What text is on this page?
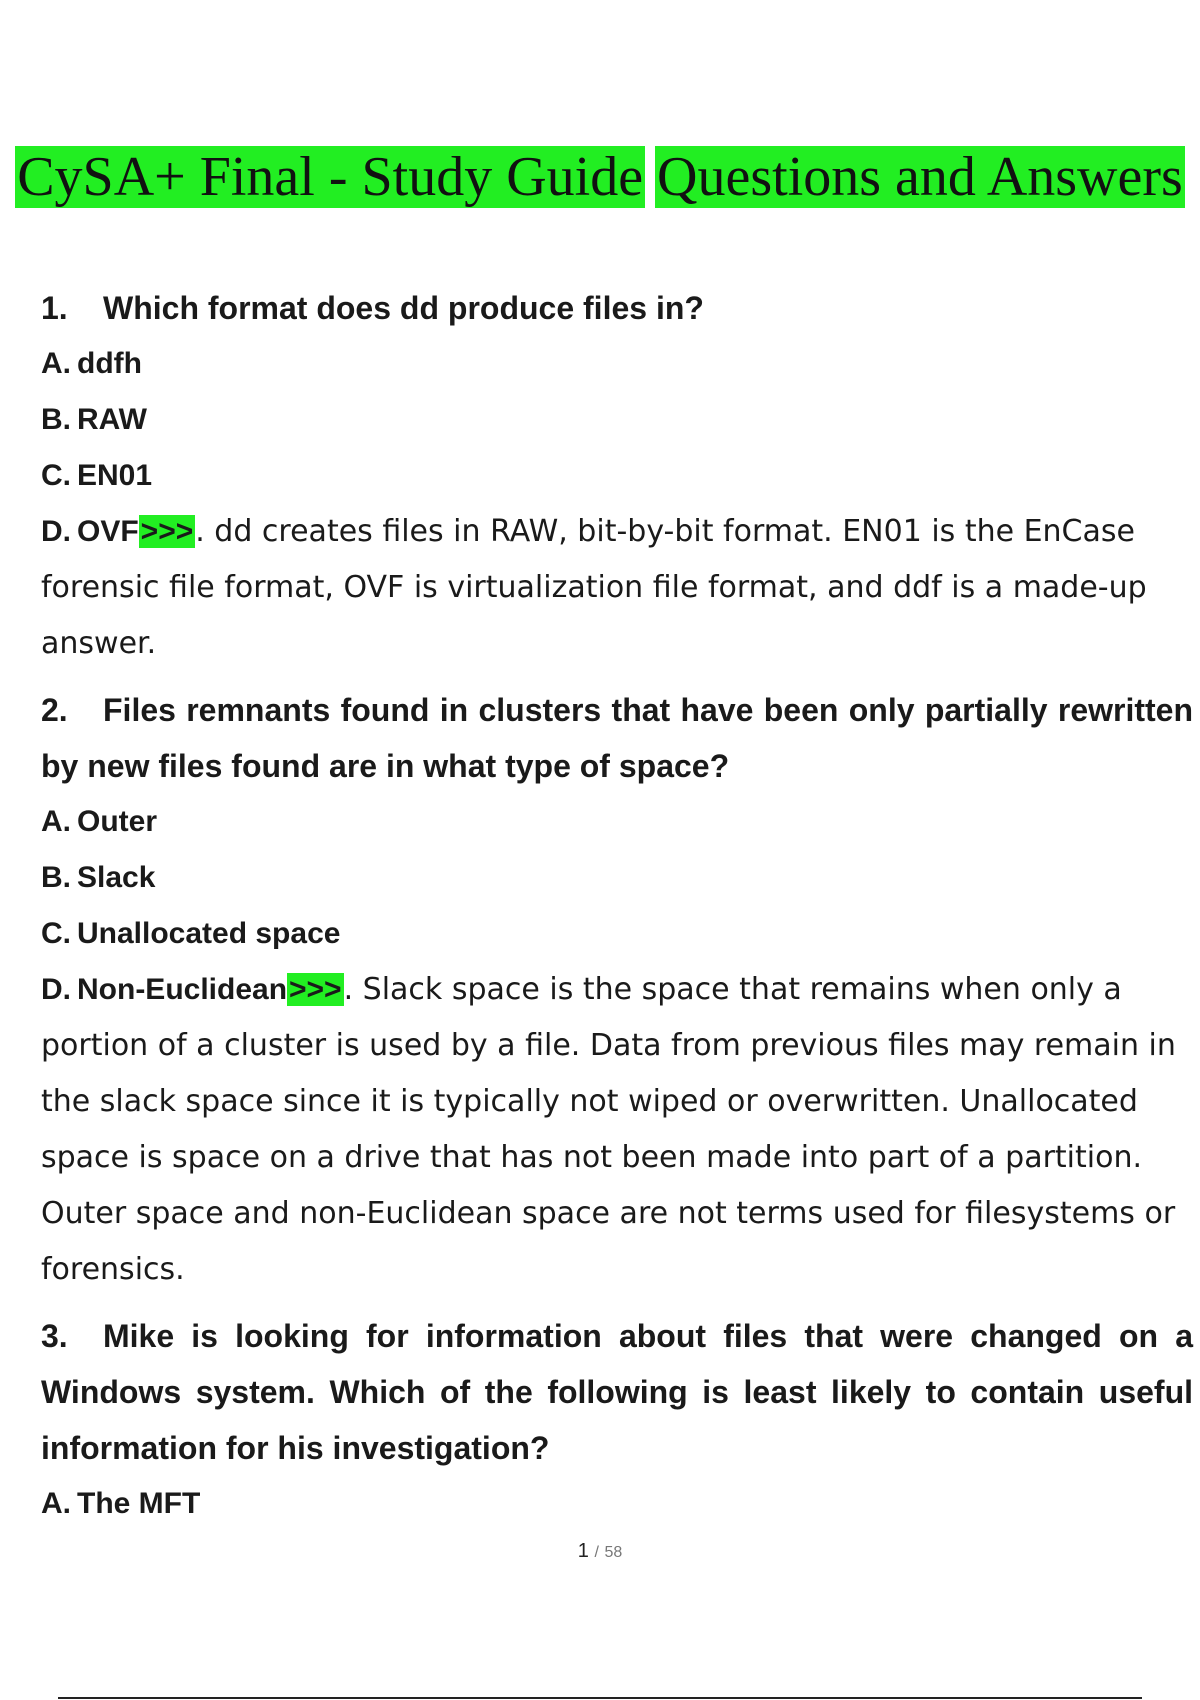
CySA+ Final - Study Guide Questions and Answers

1. Which format does dd produce files in?

A. ddfh

B. RAW

C. EN01

D. OVF>>>. dd creates files in RAW, bit-by-bit format. EN01 is the EnCase forensic file format, OVF is virtualization file format, and ddf is a made-up answer.

2. Files remnants found in clusters that have been only partially rewritten by new files found are in what type of space?

A. Outer

B. Slack

C. Unallocated space

D. Non-Euclidean>>>. Slack space is the space that remains when only a portion of a cluster is used by a file. Data from previous files may remain in the slack space since it is typically not wiped or overwritten. Unallocated space is space on a drive that has not been made into part of a partition. Outer space and non-Euclidean space are not terms used for filesystems or forensics.

3. Mike is looking for information about files that were changed on a Windows system. Which of the following is least likely to contain useful information for his investigation?

A. The MFT

1 / 58
